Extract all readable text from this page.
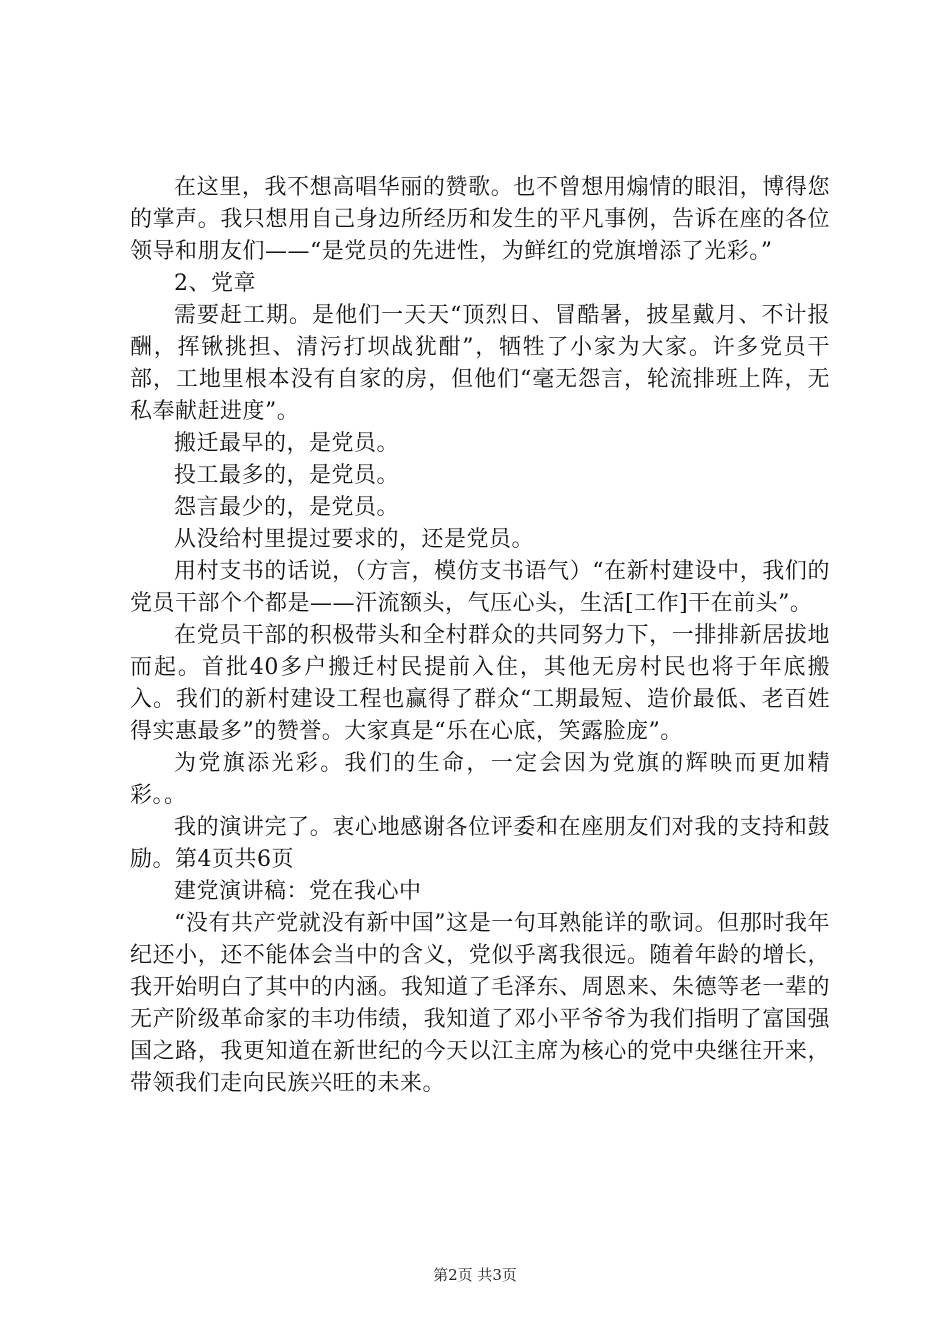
在这里，我不想高唱华丽的赞歌。也不曾想用煽情的眼泪，博得您的掌声。我只想用自己身边所经历和发生的平凡事例，告诉在座的各位领导和朋友们——“是党员的先进性，为鲜红的党旗增添了光彩。”

2、党章

需要赶工期。是他们一天天“顶烈日、冒酷暑，披星戴月、不计报酬，挥锹挑担、清污打坝战犹酣”，牺牲了小家为大家。许多党员干部，工地里根本没有自家的房，但他们“毫无怨言，轮流排班上阵，无私奉献赶进度”。

搬迁最早的，是党员。

投工最多的，是党员。

怨言最少的，是党员。

从没给村里提过要求的，还是党员。

用村支书的话说，（方言，模仿支书语气）“在新村建设中，我们的党员干部个个都是——汗流额头，气压心头，生活[工作]干在前头”。

在党员干部的积极带头和全村群众的共同努力下，一排排新居拔地而起。首批40多户搬迁村民提前入住，其他无房村民也将于年底搬入。我们的新村建设工程也赢得了群众“工期最短、造价最低、老百姓得实惠最多”的赞誉。大家真是“乐在心底，笑露脸庞”。

为党旗添光彩。我们的生命，一定会因为党旗的辉映而更加精彩。。

我的演讲完了。衷心地感谢各位评委和在座朋友们对我的支持和鼓励。第4页共6页

建党演讲稿：党在我心中

“没有共产党就没有新中国”这是一句耳熟能详的歌词。但那时我年纪还小，还不能体会当中的含义，党似乎离我很远。随着年龄的增长，我开始明白了其中的内涵。我知道了毛泽东、周恩来、朱德等老一辈的无产阶级革命家的丰功伟绩，我知道了邓小平爷爷为我们指明了富国强国之路，我更知道在新世纪的今天以江主席为核心的党中央继往开来，带领我们走向民族兴旺的未来。

第2页 共3页
